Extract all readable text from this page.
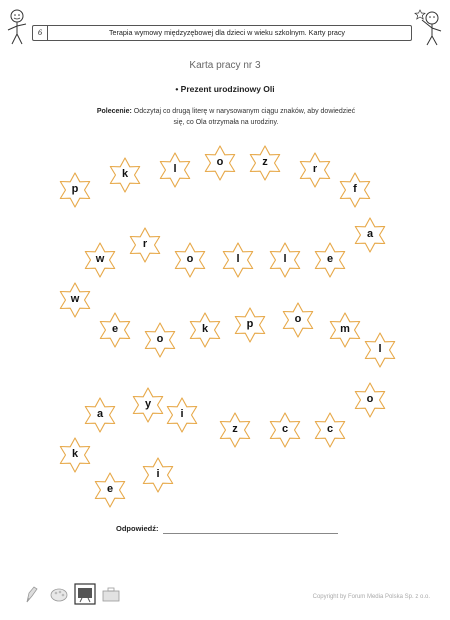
6	Terapia wymowy międzyzębowej dla dzieci w wieku szkolnym. Karty pracy
Karta pracy nr 3
• Prezent urodzinowy Oli
Polecenie: Odczytaj co drugą literę w narysowanym ciągu znaków, aby dowiedzieć się, co Ola otrzymała na urodziny.
p
k	l
o	z
r
f
a
w
r
o	l	l	e
w
e
o
k	p	o
m
l
o
y
c
c
z
i
a
k
e
i
Odpowiedź:
Copyright by Forum Media Polska Sp. z o.o.
